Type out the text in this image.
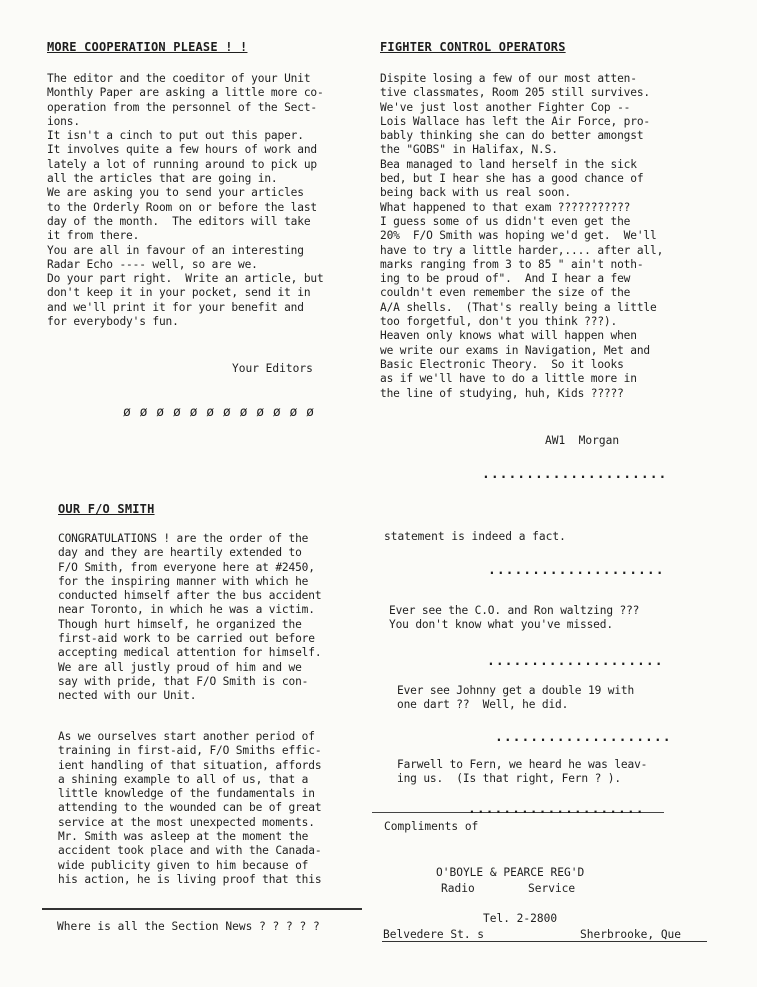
MORE COOPERATION PLEASE ! !
The editor and the coeditor of your Unit
Monthly Paper are asking a little more co-
operation from the personnel of the Sect-
ions.
It isn't a cinch to put out this paper.
It involves quite a few hours of work and
lately a lot of running around to pick up
all the articles that are going in.
We are asking you to send your articles
to the Orderly Room on or before the last
day of the month.  The editors will take
it from there.
You are all in favour of an interesting
Radar Echo ---- well, so are we.
Do your part right.  Write an article, but
don't keep it in your pocket, send it in
and we'll print it for your benefit and
for everybody's fun.
Your Editors
ø ø ø ø ø ø ø ø ø ø ø ø
FIGHTER CONTROL OPERATORS
Dispite losing a few of our most atten-
tive classmates, Room 205 still survives.
We've just lost another Fighter Cop --
Lois Wallace has left the Air Force, pro-
bably thinking she can do better amongst
the "GOBS" in Halifax, N.S.
Bea managed to land herself in the sick
bed, but I hear she has a good chance of
being back with us real soon.
What happened to that exam ???????????
I guess some of us didn't even get the
20%  F/O Smith was hoping we'd get.  We'll
have to try a little harder,.... after all,
marks ranging from 3 to 85 " ain't noth-
ing to be proud of".  And I hear a few
couldn't even remember the size of the
A/A shells.  (That's really being a little
too forgetful, don't you think ???).
Heaven only knows what will happen when
we write our exams in Navigation, Met and
Basic Electronic Theory.  So it looks
as if we'll have to do a little more in
the line of studying, huh, Kids ?????
AW1  Morgan
.....................
OUR F/O SMITH
CONGRATULATIONS ! are the order of the
day and they are heartily extended to
F/O Smith, from everyone here at #2450,
for the inspiring manner with which he
conducted himself after the bus accident
near Toronto, in which he was a victim.
Though hurt himself, he organized the
first-aid work to be carried out before
accepting medical attention for himself.
We are all justly proud of him and we
say with pride, that F/O Smith is con-
nected with our Unit.
As we ourselves start another period of
training in first-aid, F/O Smiths effic-
ient handling of that situation, affords
a shining example to all of us, that a
little knowledge of the fundamentals in
attending to the wounded can be of great
service at the most unexpected moments.
Mr. Smith was asleep at the moment the
accident took place and with the Canada-
wide publicity given to him because of
his action, he is living proof that this
Where is all the Section News ? ? ? ? ?
statement is indeed a fact.
....................
Ever see the C.O. and Ron waltzing ???
You don't know what you've missed.
....................
Ever see Johnny get a double 19 with
one dart ??  Well, he did.
....................
Farwell to Fern, we heard he was leav-
ing us.  (Is that right, Fern ? ).
....................
Compliments of
O'BOYLE & PEARCE REG'D
Radio	Service
Tel. 2-2800
Belvedere St. s	Sherbrooke, Que
